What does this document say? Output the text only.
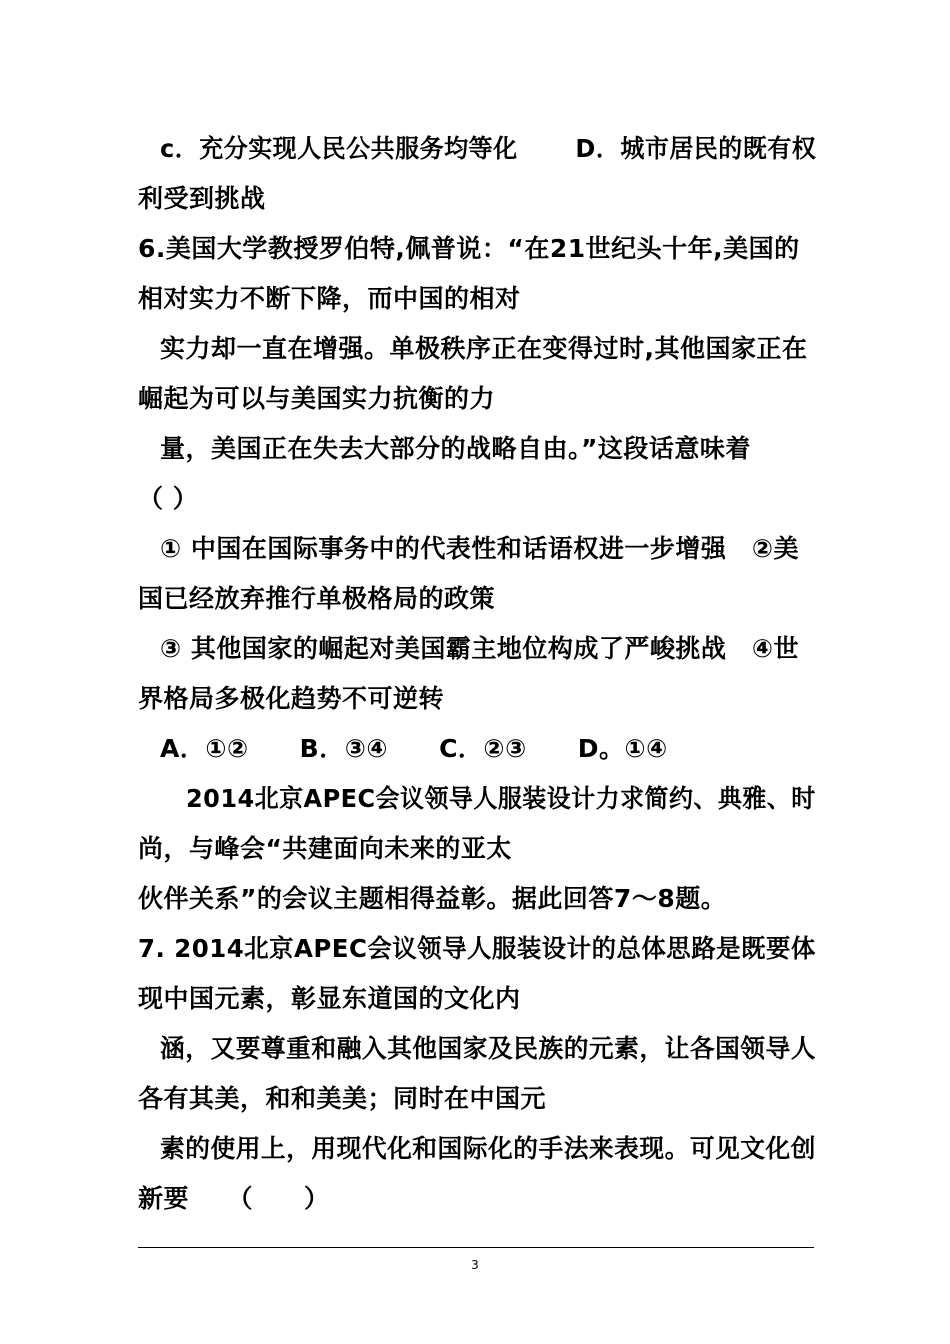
c．充分实现人民公共服务均等化　　 D．城市居民的既有权
利受到挑战
6.美国大学教授罗伯特,佩普说：“在21世纪头十年,美国的
相对实力不断下降，而中国的相对
实力却一直在增强。单极秩序正在变得过时,其他国家正在
崛起为可以与美国实力抗衡的力
量，美国正在失去大部分的战略自由。”这段话意味着
（ ）
① 中国在国际事务中的代表性和话语权进一步增强　②美
国已经放弃推行单极格局的政策
③ 其他国家的崛起对美国霸主地位构成了严峻挑战　④世
界格局多极化趋势不可逆转
A．①②　　B．③④　　C．②③　　D。①④
2014北京APEC会议领导人服装设计力求简约、典雅、时
尚，与峰会“共建面向未来的亚太
伙伴关系”的会议主题相得益彰。据此回答7～8题。
7. 2014北京APEC会议领导人服装设计的总体思路是既要体
现中国元素，彰显东道国的文化内
涵，又要尊重和融入其他国家及民族的元素，让各国领导人
各有其美，和和美美；同时在中国元
素的使用上，用现代化和国际化的手法来表现。可见文化创
新要　　（　　）
3
